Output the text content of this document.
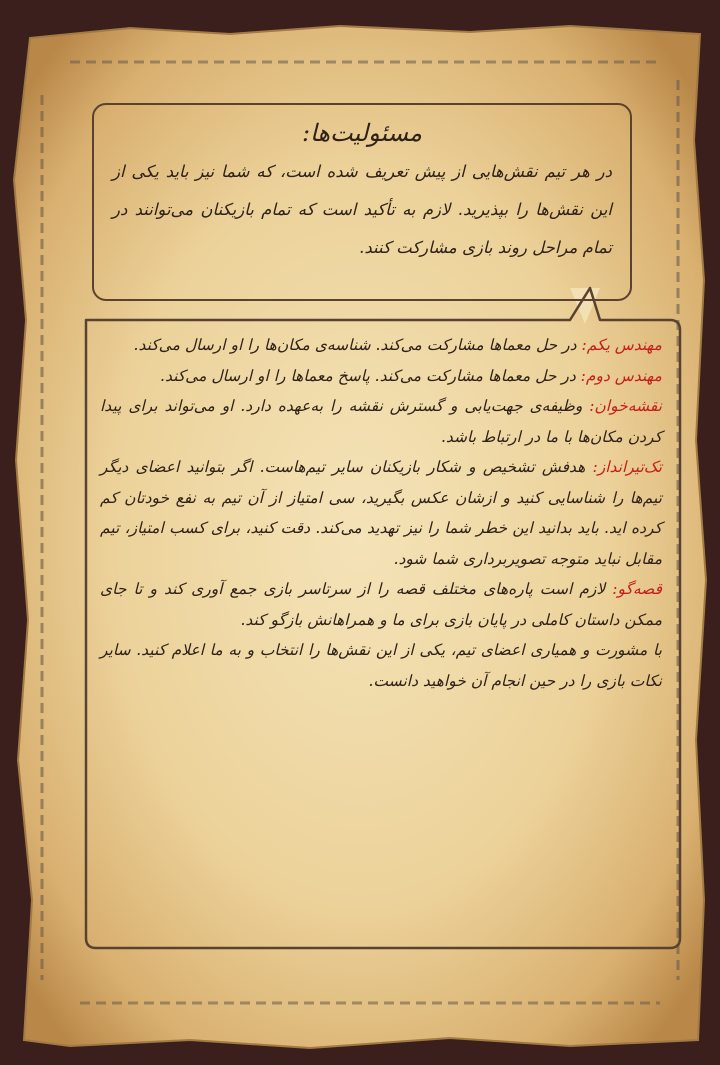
مسئولیت‌ها:
در هر تیم نقش‌هایی از پیش تعریف شده است، که شما نیز باید یکی از این نقش‌ها را بپذیرید. لازم به تأکید است که تمام بازیکنان می‌توانند در تمام مراحل روند بازی مشارکت کنند.

مهندس یکم: در حل معماها مشارکت می‌کند. شناسه‌ی مکان‌ها را او ارسال می‌کند.

مهندس دوم: در حل معماها مشارکت می‌کند. پاسخ معماها را او ارسال می‌کند.

نقشه‌خوان: وظیفه‌ی جهت‌یابی و گسترش نقشه را به‌عهده دارد. او می‌تواند برای پیدا کردن مکان‌ها با ما در ارتباط باشد.

تک‌تیرانداز: هدفش تشخیص و شکار بازیکنان سایر تیم‌هاست. اگر بتوانید اعضای دیگر تیم‌ها را شناسایی کنید و از‌شان عکس بگیرید، سی امتیاز از آن تیم به نفع خودتان کم کرده اید. باید بدانید این خطر شما را نیز تهدید می‌کند. دقت کنید، برای کسب امتیاز، تیم مقابل نباید متوجه تصویربرداری شما شود.

قصه‌گو: لازم است پاره‌های مختلف قصه را از سرتاسر بازی جمع آوری کند و تا جای ممکن داستان کاملی در پایان بازی برای ما و همراهانش بازگو کند.

با مشورت و همیاری اعضای تیم، یکی از این نقش‌ها را انتخاب و به ما اعلام کنید. سایر نکات بازی را در حین انجام آن خواهید دانست.
